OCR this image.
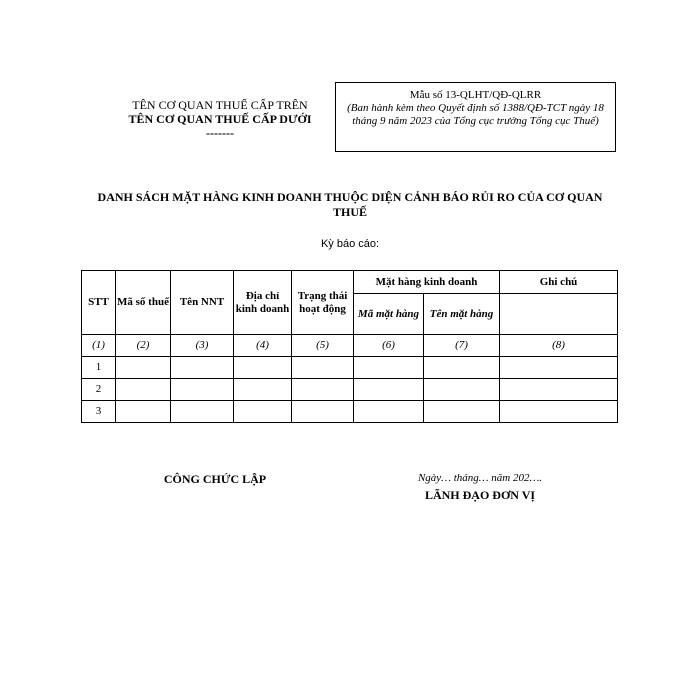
TÊN CƠ QUAN THUẾ CẤP TRÊN
TÊN CƠ QUAN THUẾ CẤP DƯỚI
-------
Mẫu số 13-QLHT/QĐ-QLRR
(Ban hành kèm theo Quyết định số 1388/QĐ-TCT ngày 18 tháng 9 năm 2023 của Tổng cục trưởng Tổng cục Thuế)
DANH SÁCH MẶT HÀNG KINH DOANH THUỘC DIỆN CẢNH BÁO RỦI RO CỦA CƠ QUAN THUẾ
Kỳ báo cáo:
STT	Mã số thuế	Tên NNT	Địa chỉ kinh doanh	Trạng thái hoạt động	Mặt hàng kinh doanh		Ghi chú
					Mã mặt hàng	Tên mặt hàng	
(1)	(2)	(3)	(4)	(5)	(6)	(7)	(8)
1							
2							
3							
CÔNG CHỨC LẬP	Ngày… tháng… năm 202….
LÃNH ĐẠO ĐƠN VỊ
